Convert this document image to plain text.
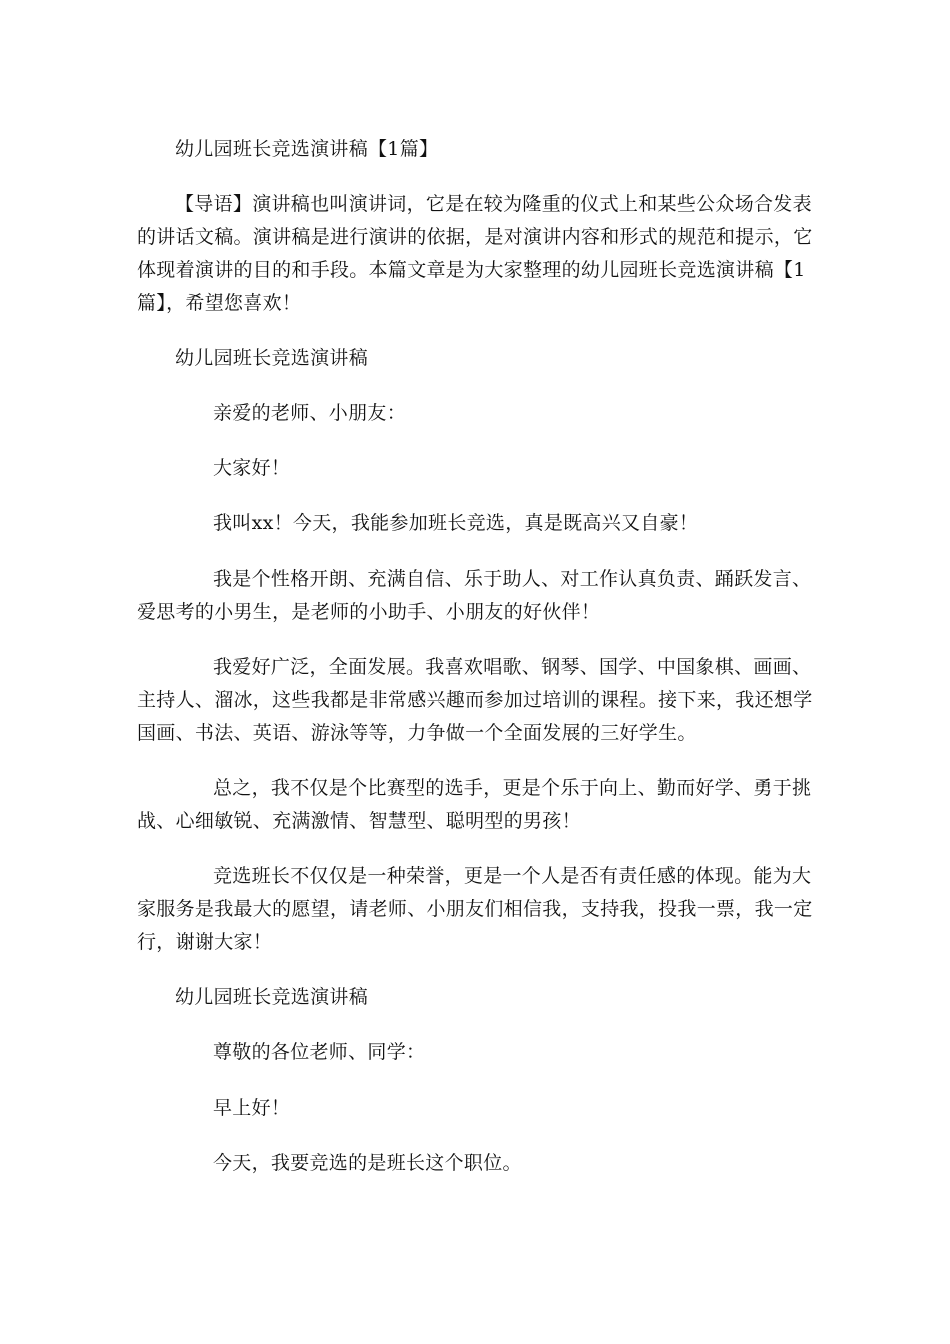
幼儿园班长竞选演讲稿【1篇】
【导语】演讲稿也叫演讲词，它是在较为隆重的仪式上和某些公众场合发表
的讲话文稿。演讲稿是进行演讲的依据，是对演讲内容和形式的规范和提示，它
体现着演讲的目的和手段。本篇文章是为大家整理的幼儿园班长竞选演讲稿【1
篇】，希望您喜欢！
幼儿园班长竞选演讲稿
亲爱的老师、小朋友：
大家好！
我叫xx！今天，我能参加班长竞选，真是既高兴又自豪！
我是个性格开朗、充满自信、乐于助人、对工作认真负责、踊跃发言、
爱思考的小男生，是老师的小助手、小朋友的好伙伴！
我爱好广泛，全面发展。我喜欢唱歌、钢琴、国学、中国象棋、画画、
主持人、溜冰，这些我都是非常感兴趣而参加过培训的课程。接下来，我还想学
国画、书法、英语、游泳等等，力争做一个全面发展的三好学生。
总之，我不仅是个比赛型的选手，更是个乐于向上、勤而好学、勇于挑
战、心细敏锐、充满激情、智慧型、聪明型的男孩！
竞选班长不仅仅是一种荣誉，更是一个人是否有责任感的体现。能为大
家服务是我最大的愿望，请老师、小朋友们相信我，支持我，投我一票，我一定
行，谢谢大家！
幼儿园班长竞选演讲稿
尊敬的各位老师、同学：
早上好！
今天，我要竞选的是班长这个职位。
